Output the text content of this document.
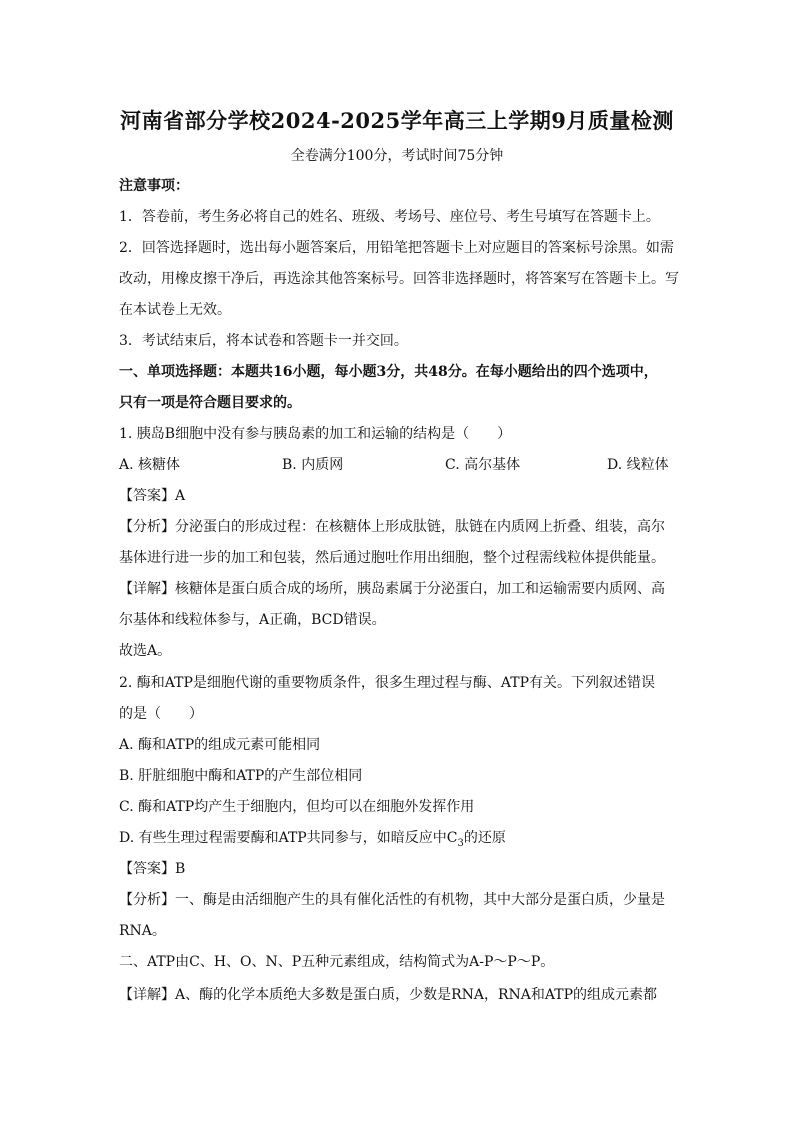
河南省部分学校2024-2025学年高三上学期9月质量检测
全卷满分100分，考试时间75分钟
注意事项：
1．答卷前，考生务必将自己的姓名、班级、考场号、座位号、考生号填写在答题卡上。
2．回答选择题时，选出每小题答案后，用铅笔把答题卡上对应题目的答案标号涂黑。如需
改动，用橡皮擦干净后，再选涂其他答案标号。回答非选择题时，将答案写在答题卡上。写
在本试卷上无效。
3．考试结束后，将本试卷和答题卡一并交回。
一、单项选择题：本题共16小题，每小题3分，共48分。在每小题给出的四个选项中，
只有一项是符合题目要求的。
1. 胰岛B细胞中没有参与胰岛素的加工和运输的结构是（　　）
A. 核糖体	B. 内质网	C. 高尔基体	D. 线粒体
【答案】A
【分析】分泌蛋白的形成过程：在核糖体上形成肽链，肽链在内质网上折叠、组装，高尔
基体进行进一步的加工和包装，然后通过胞吐作用出细胞，整个过程需线粒体提供能量。
【详解】核糖体是蛋白质合成的场所，胰岛素属于分泌蛋白，加工和运输需要内质网、高
尔基体和线粒体参与，A正确，BCD错误。
故选A。
2. 酶和ATP是细胞代谢的重要物质条件，很多生理过程与酶、ATP有关。下列叙述错误
的是（　　）
A. 酶和ATP的组成元素可能相同
B. 肝脏细胞中酶和ATP的产生部位相同
C. 酶和ATP均产生于细胞内，但均可以在细胞外发挥作用
D. 有些生理过程需要酶和ATP共同参与，如暗反应中$C_3$的还原
【答案】B
【分析】一、酶是由活细胞产生的具有催化活性的有机物，其中大部分是蛋白质，少量是
RNA。
二、ATP由C、H、O、N、P五种元素组成，结构简式为A-P～P～P。
【详解】A、酶的化学本质绝大多数是蛋白质，少数是RNA，RNA和ATP的组成元素都
